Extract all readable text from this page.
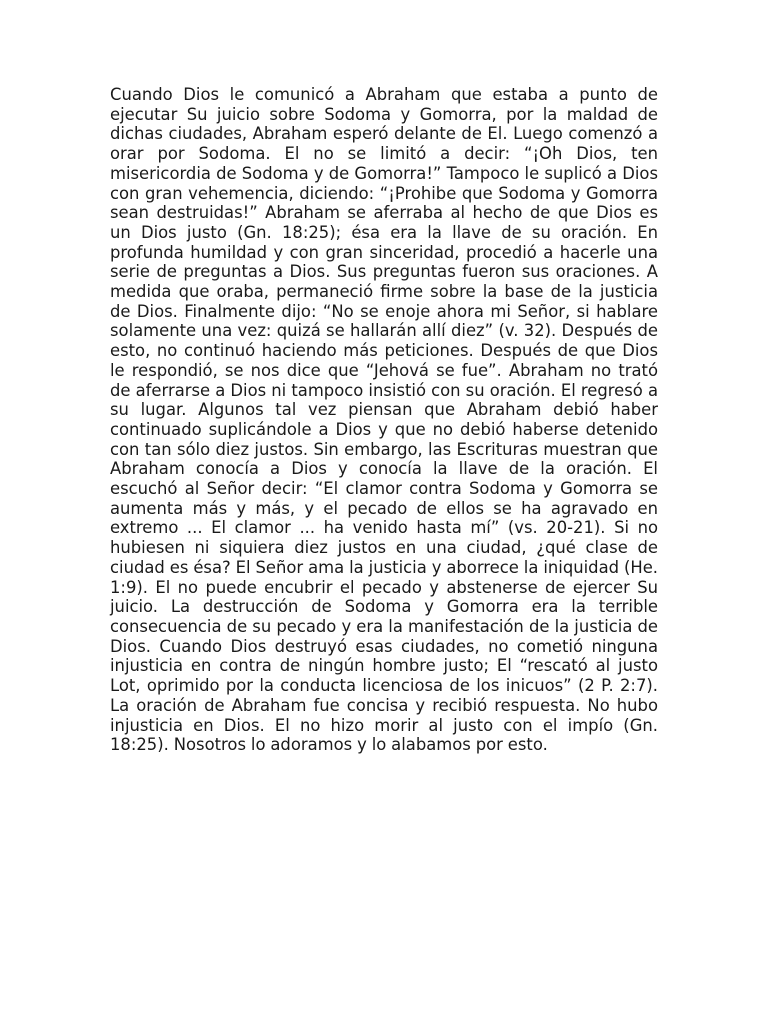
Cuando Dios le comunicó a Abraham que estaba a punto de ejecutar Su juicio sobre Sodoma y Gomorra, por la maldad de dichas ciudades, Abraham esperó delante de El. Luego comenzó a orar por Sodoma. El no se limitó a decir: “¡Oh Dios, ten misericordia de Sodoma y de Gomorra!” Tampoco le suplicó a Dios con gran vehemencia, diciendo: “¡Prohibe que Sodoma y Gomorra sean destruidas!” Abraham se aferraba al hecho de que Dios es un Dios justo (Gn. 18:25); ésa era la llave de su oración. En profunda humildad y con gran sinceridad, procedió a hacerle una serie de preguntas a Dios. Sus preguntas fueron sus oraciones. A medida que oraba, permaneció firme sobre la base de la justicia de Dios. Finalmente dijo: “No se enoje ahora mi Señor, si hablare solamente una vez: quizá se hallarán allí diez” (v. 32). Después de esto, no continuó haciendo más peticiones. Después de que Dios le respondió, se nos dice que “Jehová se fue”. Abraham no trató de aferrarse a Dios ni tampoco insistió con su oración. El regresó a su lugar. Algunos tal vez piensan que Abraham debió haber continuado suplicándole a Dios y que no debió haberse detenido con tan sólo diez justos. Sin embargo, las Escrituras muestran que Abraham conocía a Dios y conocía la llave de la oración. El escuchó al Señor decir: “El clamor contra Sodoma y Gomorra se aumenta más y más, y el pecado de ellos se ha agravado en extremo ... El clamor ... ha venido hasta mí” (vs. 20-21). Si no hubiesen ni siquiera diez justos en una ciudad, ¿qué clase de ciudad es ésa? El Señor ama la justicia y aborrece la iniquidad (He. 1:9). El no puede encubrir el pecado y abstenerse de ejercer Su juicio. La destrucción de Sodoma y Gomorra era la terrible consecuencia de su pecado y era la manifestación de la justicia de Dios. Cuando Dios destruyó esas ciudades, no cometió ninguna injusticia en contra de ningún hombre justo; El “rescató al justo Lot, oprimido por la conducta licenciosa de los inicuos” (2 P. 2:7). La oración de Abraham fue concisa y recibió respuesta. No hubo injusticia en Dios. El no hizo morir al justo con el impío (Gn. 18:25). Nosotros lo adoramos y lo alabamos por esto.
